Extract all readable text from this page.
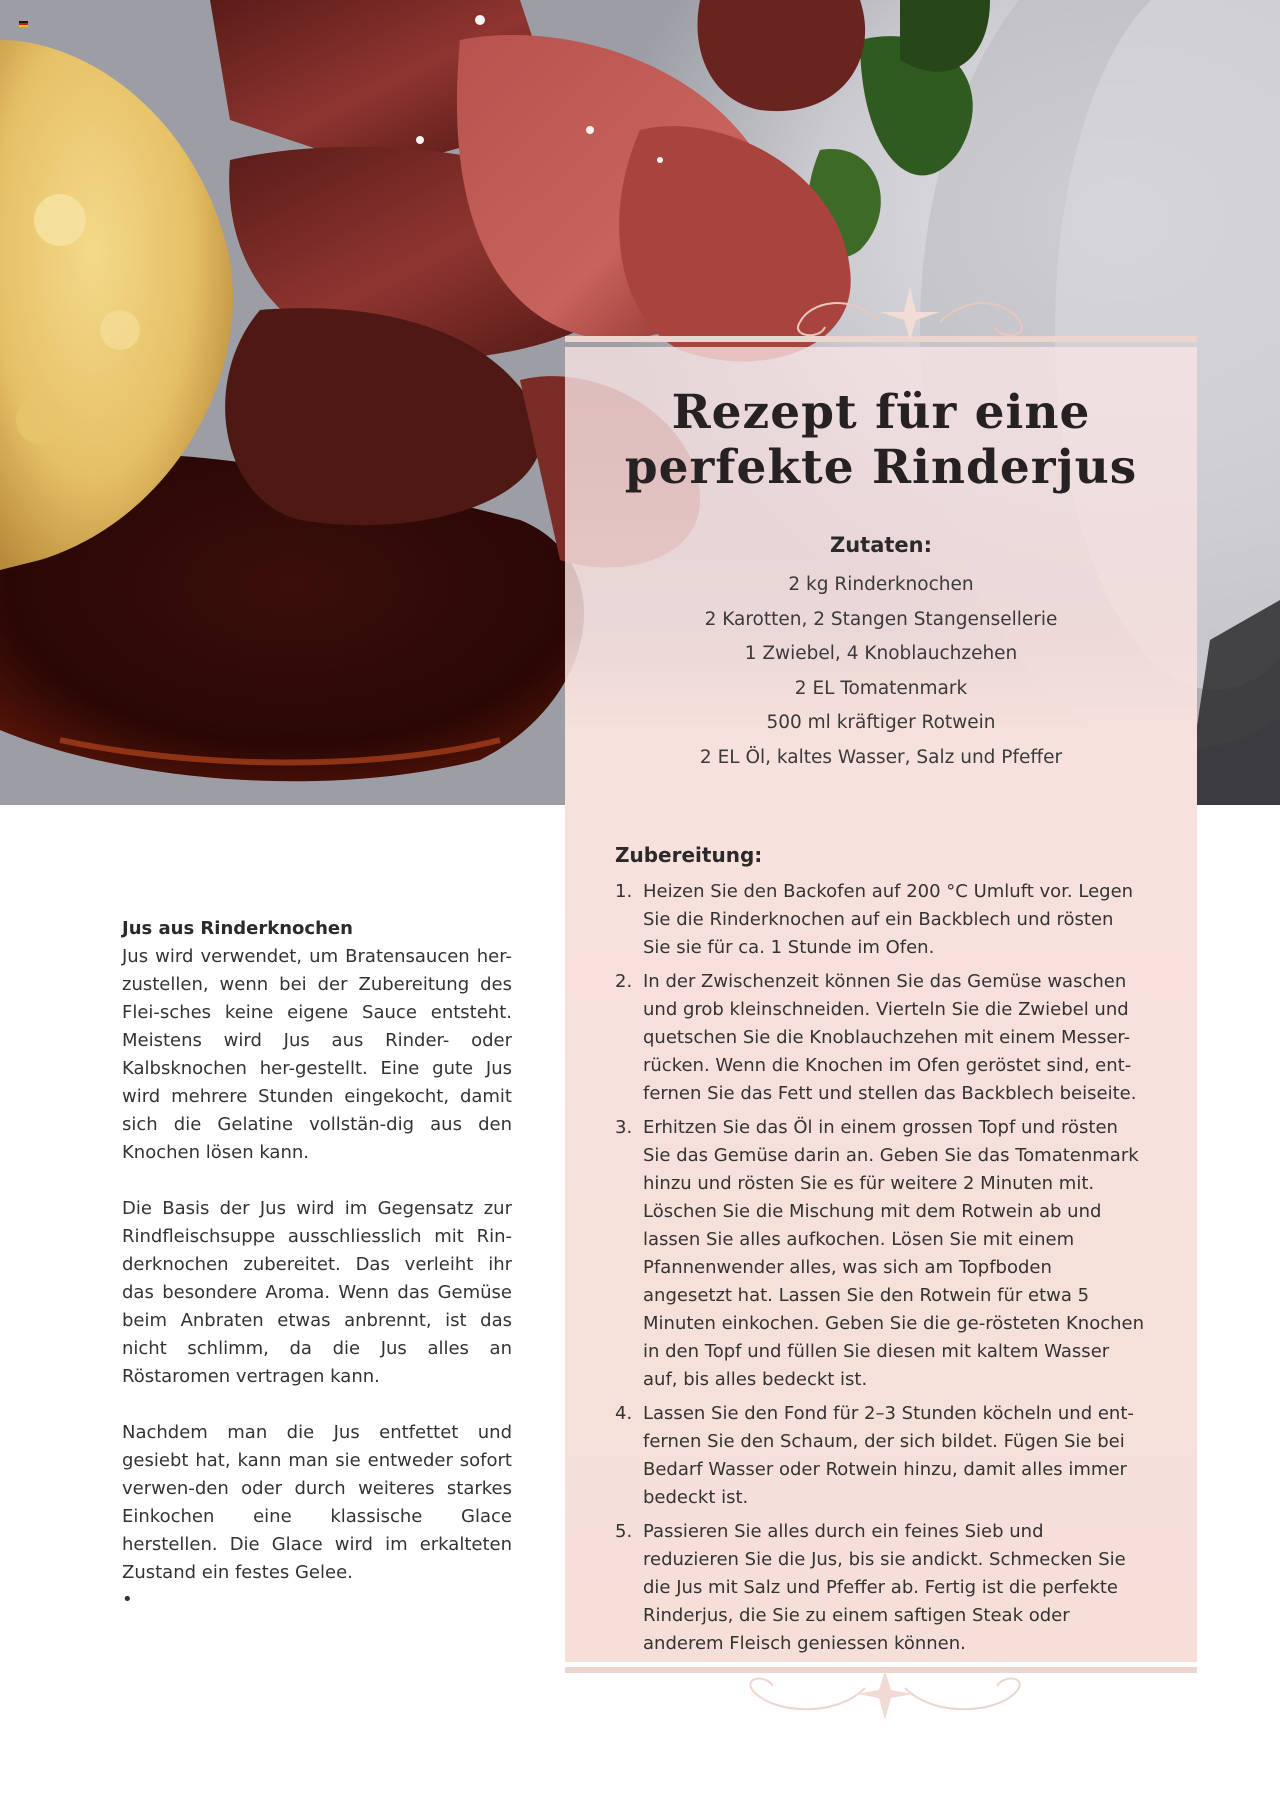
Rezept für eine
perfekte Rinderjus
Zutaten:
2 kg Rinderknochen
2 Karotten, 2 Stangen Stangensellerie
1 Zwiebel, 4 Knoblauchzehen
2 EL Tomatenmark
500 ml kräftiger Rotwein
2 EL Öl, kaltes Wasser, Salz und Pfeffer
Zubereitung:
1. Heizen Sie den Backofen auf 200 °C Umluft vor. Legen Sie die Rinderknochen auf ein Backblech und rösten Sie sie für ca. 1 Stunde im Ofen.
2. In der Zwischenzeit können Sie das Gemüse waschen und grob kleinschneiden. Vierteln Sie die Zwiebel und quetschen Sie die Knoblauchzehen mit einem Messer-rücken. Wenn die Knochen im Ofen geröstet sind, ent-fernen Sie das Fett und stellen das Backblech beiseite.
3. Erhitzen Sie das Öl in einem grossen Topf und rösten Sie das Gemüse darin an. Geben Sie das Tomatenmark hinzu und rösten Sie es für weitere 2 Minuten mit. Löschen Sie die Mischung mit dem Rotwein ab und lassen Sie alles aufkochen. Lösen Sie mit einem Pfannenwender alles, was sich am Topfboden angesetzt hat. Lassen Sie den Rotwein für etwa 5 Minuten einkochen. Geben Sie die ge-rösteten Knochen in den Topf und füllen Sie diesen mit kaltem Wasser auf, bis alles bedeckt ist.
4. Lassen Sie den Fond für 2–3 Stunden köcheln und ent-fernen Sie den Schaum, der sich bildet. Fügen Sie bei Bedarf Wasser oder Rotwein hinzu, damit alles immer bedeckt ist.
5. Passieren Sie alles durch ein feines Sieb und reduzieren Sie die Jus, bis sie andickt. Schmecken Sie die Jus mit Salz und Pfeffer ab. Fertig ist die perfekte Rinderjus, die Sie zu einem saftigen Steak oder anderem Fleisch geniessen können.
Jus aus Rinderknochen

Jus wird verwendet, um Bratensaucen her-zustellen, wenn bei der Zubereitung des Flei-sches keine eigene Sauce entsteht. Meistens wird Jus aus Rinder- oder Kalbsknochen her-gestellt. Eine gute Jus wird mehrere Stunden eingekocht, damit sich die Gelatine vollstän-dig aus den Knochen lösen kann.

Die Basis der Jus wird im Gegensatz zur Rindfleischsuppe ausschliesslich mit Rin-derknochen zubereitet. Das verleiht ihr das besondere Aroma. Wenn das Gemüse beim Anbraten etwas anbrennt, ist das nicht schlimm, da die Jus alles an Röstaromen vertragen kann.

Nachdem man die Jus entfettet und gesiebt hat, kann man sie entweder sofort verwen-den oder durch weiteres starkes Einkochen eine klassische Glace herstellen. Die Glace wird im erkalteten Zustand ein festes Gelee.

•
